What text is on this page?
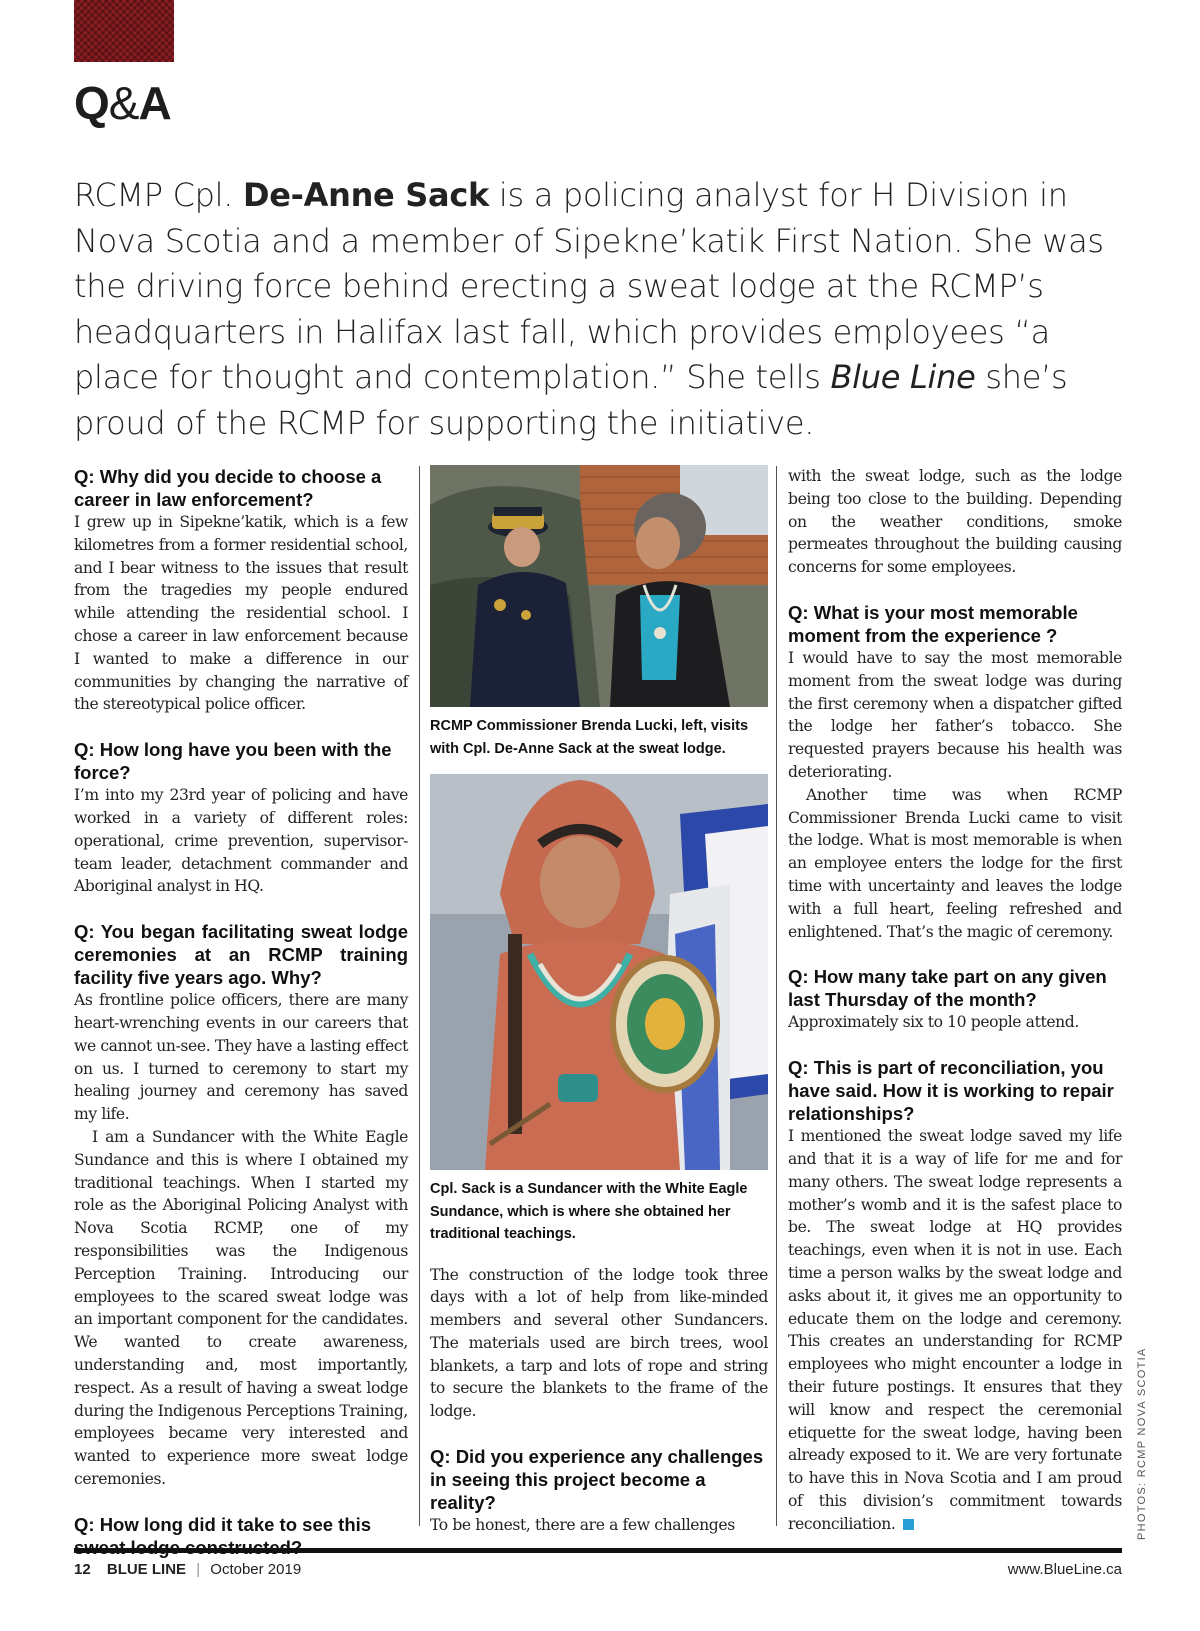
Q&A

RCMP Cpl. De-Anne Sack is a policing analyst for H Division in Nova Scotia and a member of Sipekne’katik First Nation. She was the driving force behind erecting a sweat lodge at the RCMP’s headquarters in Halifax last fall, which provides employees “a place for thought and contemplation.” She tells Blue Line she’s proud of the RCMP for supporting the initiative.

Q: Why did you decide to choose a career in law enforcement?

I grew up in Sipekne’katik, which is a few kilometres from a former residential school, and I bear witness to the issues that result from the tragedies my people endured while attending the residential school. I chose a career in law enforcement because I wanted to make a difference in our communities by changing the narrative of the stereotypical police officer.

Q: How long have you been with the force?

I’m into my 23rd year of policing and have worked in a variety of different roles: operational, crime prevention, supervisor-team leader, detachment commander and Aboriginal analyst in HQ.

Q: You began facilitating sweat lodge ceremonies at an RCMP training facility five years ago. Why?

As frontline police officers, there are many heart-wrenching events in our careers that we cannot un-see. They have a lasting effect on us. I turned to ceremony to start my healing journey and ceremony has saved my life.

I am a Sundancer with the White Eagle Sundance and this is where I obtained my traditional teachings. When I started my role as the Aboriginal Policing Analyst with Nova Scotia RCMP, one of my responsibilities was the Indigenous Perception Training. Introducing our employees to the scared sweat lodge was an important component for the candidates. We wanted to create awareness, understanding and, most importantly, respect. As a result of having a sweat lodge during the Indigenous Perceptions Training, employees became very interested and wanted to experience more sweat lodge ceremonies.

Q: How long did it take to see this

RCMP Commissioner Brenda Lucki, left, visits with Cpl. De-Anne Sack at the sweat lodge.

Cpl. Sack is a Sundancer with the White Eagle Sundance, which is where she obtained her traditional teachings.

The construction of the lodge took three days with a lot of help from like-minded members and several other Sundancers. The materials used are birch trees, wool blankets, a tarp and lots of rope and string to secure the blankets to the frame of the lodge.

Q: Did you experience any challenges in seeing this project become a reality?

To be honest, there are a few challenges

with the sweat lodge, such as the lodge being too close to the building. Depending on the weather conditions, smoke permeates throughout the building causing concerns for some employees.

Q: What is your most memorable moment from the experience ?

I would have to say the most memorable moment from the sweat lodge was during the first ceremony when a dispatcher gifted the lodge her father’s tobacco. She requested prayers because his health was deteriorating.

Another time was when RCMP Commissioner Brenda Lucki came to visit the lodge. What is most memorable is when an employee enters the lodge for the first time with uncertainty and leaves the lodge with a full heart, feeling refreshed and enlightened. That’s the magic of ceremony.

Q: How many take part on any given last Thursday of the month?

Approximately six to 10 people attend.

Q: This is part of reconciliation, you have said. How it is working to repair relationships?

I mentioned the sweat lodge saved my life and that it is a way of life for me and for many others. The sweat lodge represents a mother’s womb and it is the safest place to be. The sweat lodge at HQ provides teachings, even when it is not in use. Each time a person walks by the sweat lodge and asks about it, it gives me an opportunity to educate them on the lodge and ceremony. This creates an understanding for RCMP employees who might encounter a lodge in their future postings. It ensures that they will know and respect the ceremonial etiquette for the sweat lodge, having been already exposed to it. We are very fortunate to have this in Nova Scotia and I am proud of this division’s commitment towards reconciliation.	PHOTOS: RCMP NOVA SCOTIA
12 BLUE LINE | October 2019	www.BlueLine.ca
